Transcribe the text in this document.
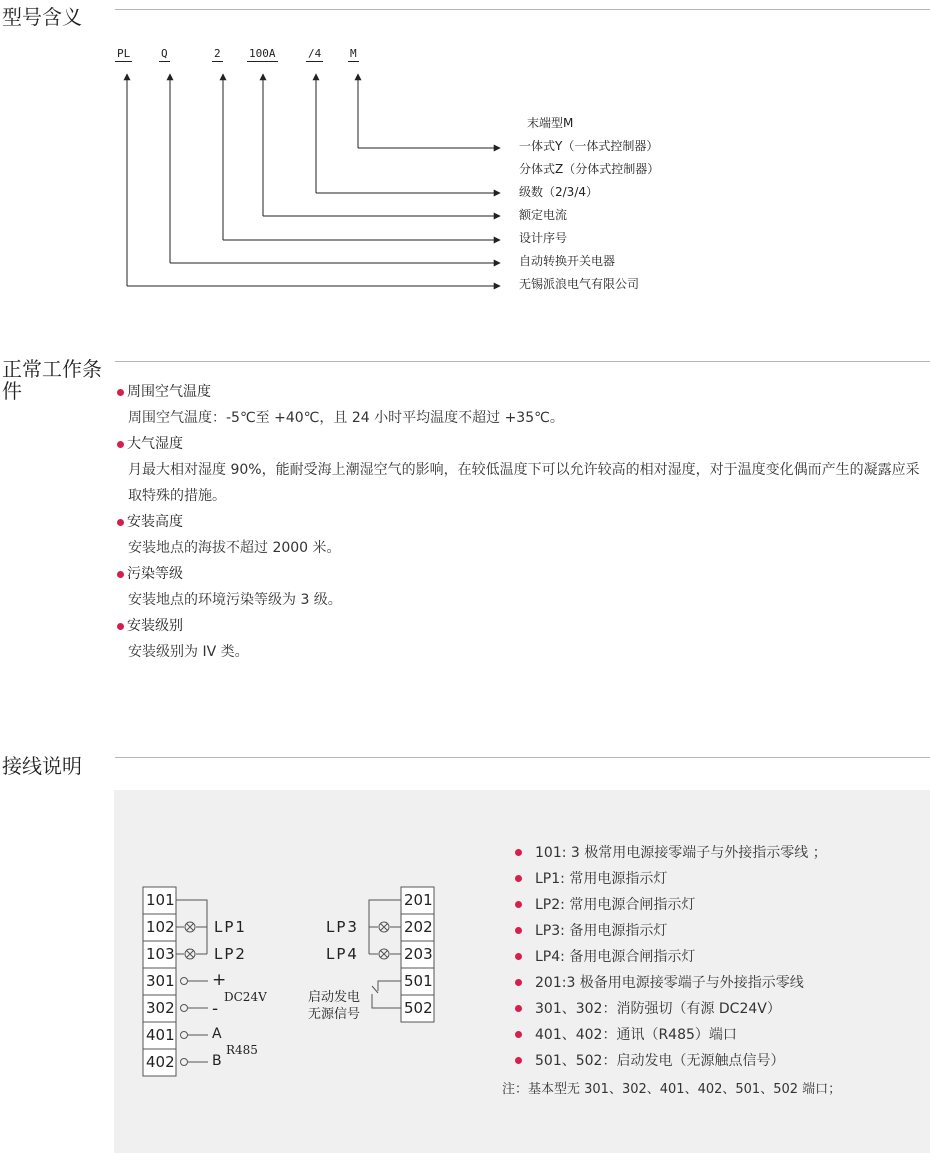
型号含义
PL	Q	2	100A	/4	M
末端型M
一体式Y（一体式控制器）
分体式Z（分体式控制器）
级数（2/3/4）
额定电流
设计序号
自动转换开关电器
无锡派浪电气有限公司
正常工作条件	周围空气温度
周围空气温度：-5℃至 +40℃，且 24 小时平均温度不超过 +35℃。
大气湿度
月最大相对湿度 90%，能耐受海上潮湿空气的影响，在较低温度下可以允许较高的相对湿度，对于温度变化偶而产生的凝露应采取特殊的措施。
安装高度
安装地点的海拔不超过 2000 米。
污染等级
安装地点的环境污染等级为 3 级。
安装级别
安装级别为 IV 类。
接线说明
101
102
103
301
302
401
402
201
202
203
501
502
LP1
LP2
LP3
LP4
+
-
DC24V
A
B
R485
启动发电
无源信号
101: 3 极常用电源接零端子与外接指示零线 ；
LP1: 常用电源指示灯
LP2: 常用电源合闸指示灯
LP3: 备用电源指示灯
LP4: 备用电源合闸指示灯
201:3 极备用电源接零端子与外接指示零线
301、302：消防强切（有源 DC24V）
401、402：通讯（R485）端口
501、502：启动发电（无源触点信号）
注：基本型无 301、302、401、402、501、502 端口；
